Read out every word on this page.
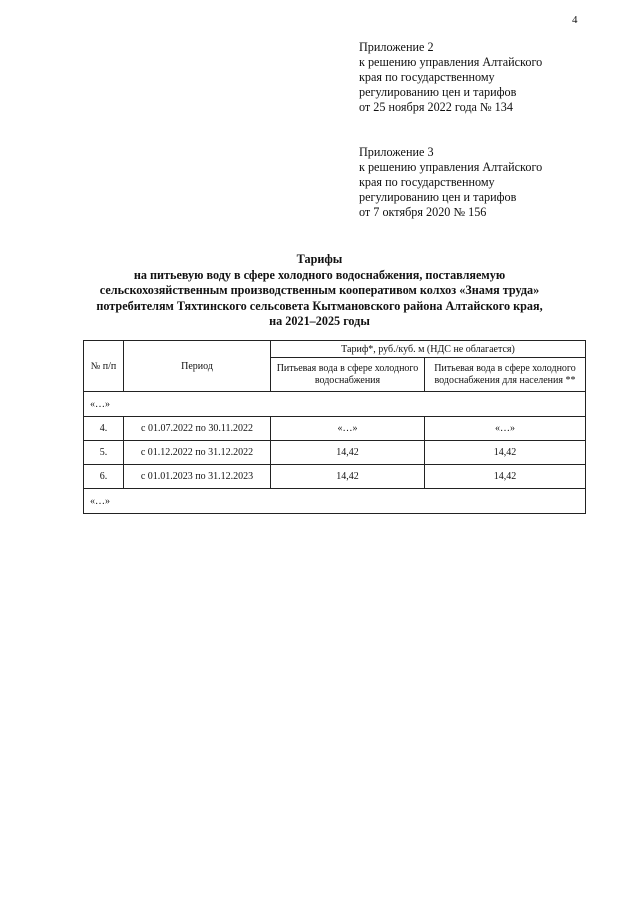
4
Приложение 2
к решению управления Алтайского
края по государственному
регулированию цен и тарифов
от 25 ноября 2022 года № 134
Приложение 3
к решению управления Алтайского
края по государственному
регулированию цен и тарифов
от 7 октября 2020 № 156
Тарифы
на питьевую воду в сфере холодного водоснабжения, поставляемую
сельскохозяйственным производственным кооперативом колхоз «Знамя труда»
потребителям Тяхтинского сельсовета Кытмановского района Алтайского края,
на 2021–2025 годы
№ п/п	Период	Тариф*, руб./куб. м (НДС не облагается)	
		Питьевая вода в сфере холодного водоснабжения	Питьевая вода в сфере холодного водоснабжения для населения **
«…»			
4.	с 01.07.2022 по 30.11.2022	«…»	«…»
5.	с 01.12.2022 по 31.12.2022	14,42	14,42
6.	с 01.01.2023 по 31.12.2023	14,42	14,42
«…»			
